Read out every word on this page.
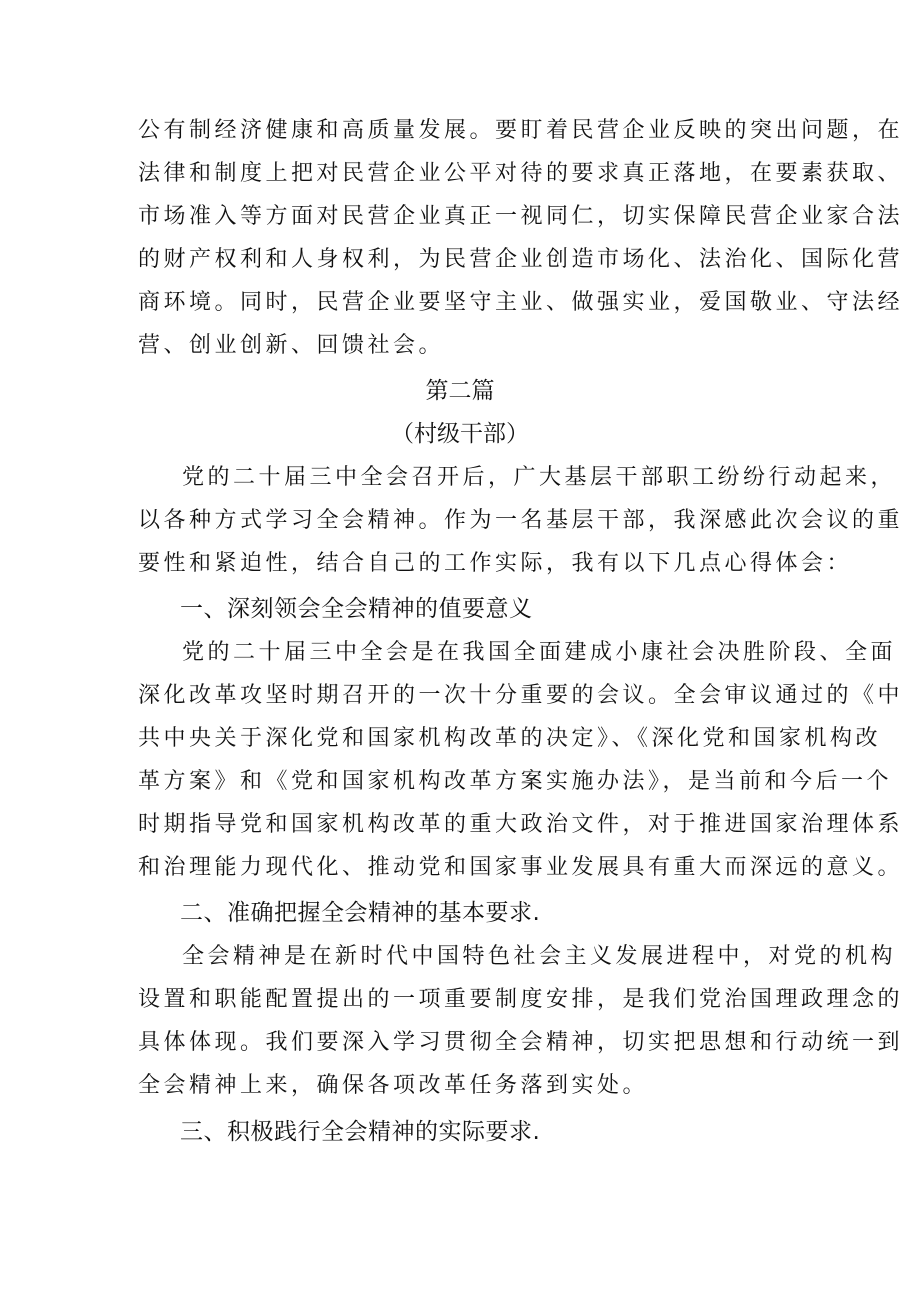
公有制经济健康和高质量发展。要盯着民营企业反映的突出问题，在
法律和制度上把对民营企业公平对待的要求真正落地，在要素获取、
市场准入等方面对民营企业真正一视同仁，切实保障民营企业家合法
的财产权利和人身权利，为民营企业创造市场化、法治化、国际化营
商环境。同时，民营企业要坚守主业、做强实业，爱国敬业、守法经
营、创业创新、回馈社会。
第二篇
（村级干部）
党的二十届三中全会召开后，广大基层干部职工纷纷行动起来，
以各种方式学习全会精神。作为一名基层干部，我深感此次会议的重
要性和紧迫性，结合自己的工作实际，我有以下几点心得体会：
一、深刻领会全会精神的值要意义
党的二十届三中全会是在我国全面建成小康社会决胜阶段、全面
深化改革攻坚时期召开的一次十分重要的会议。全会审议通过的《中
共中央关于深化党和国家机构改革的决定》、《深化党和国家机构改
革方案》和《党和国家机构改革方案实施办法》，是当前和今后一个
时期指导党和国家机构改革的重大政治文件，对于推进国家治理体系
和治理能力现代化、推动党和国家事业发展具有重大而深远的意义。
二、准确把握全会精神的基本要求.
全会精神是在新时代中国特色社会主义发展进程中，对党的机构
设置和职能配置提出的一项重要制度安排，是我们党治国理政理念的
具体体现。我们要深入学习贯彻全会精神，切实把思想和行动统一到
全会精神上来，确保各项改革任务落到实处。
三、积极践行全会精神的实际要求.
